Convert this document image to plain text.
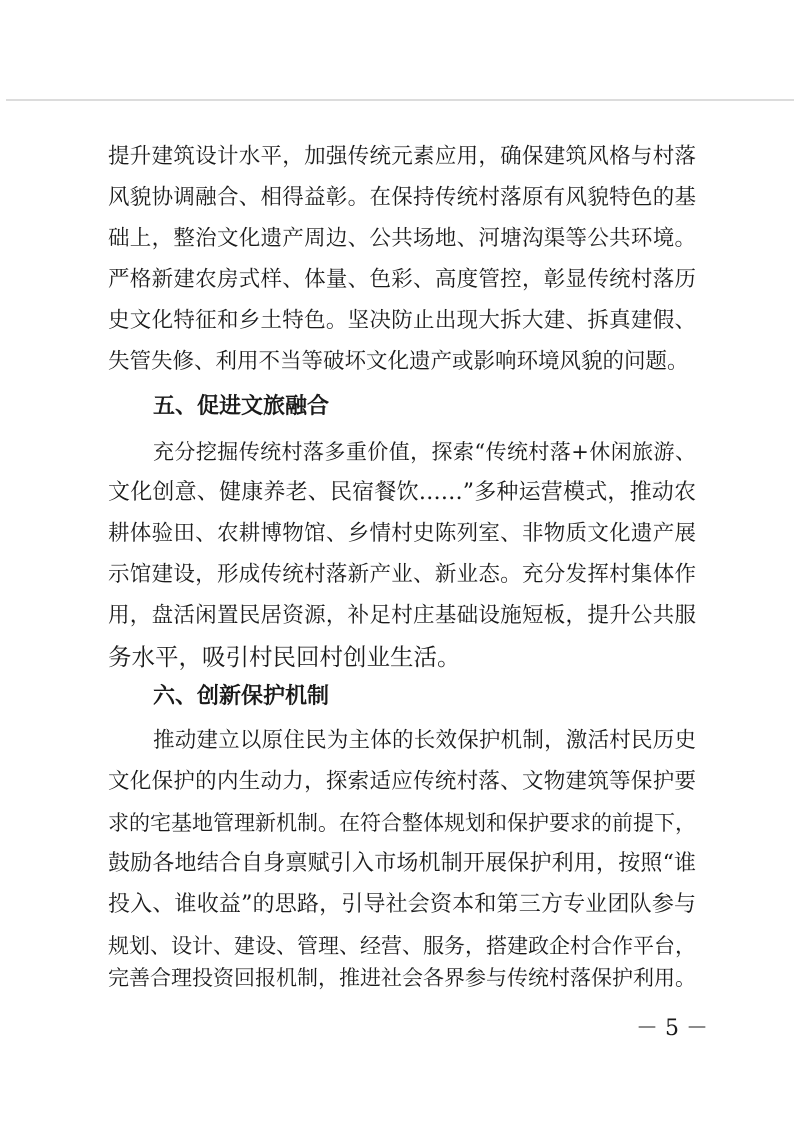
提升建筑设计水平，加强传统元素应用，确保建筑风格与村落
风貌协调融合、相得益彰。在保持传统村落原有风貌特色的基
础上，整治文化遗产周边、公共场地、河塘沟渠等公共环境。
严格新建农房式样、体量、色彩、高度管控，彰显传统村落历
史文化特征和乡土特色。坚决防止出现大拆大建、拆真建假、
失管失修、利用不当等破坏文化遗产或影响环境风貌的问题。
五、促进文旅融合
充分挖掘传统村落多重价值，探索“传统村落+休闲旅游、
文化创意、健康养老、民宿餐饮……”多种运营模式，推动农
耕体验田、农耕博物馆、乡情村史陈列室、非物质文化遗产展
示馆建设，形成传统村落新产业、新业态。充分发挥村集体作
用，盘活闲置民居资源，补足村庄基础设施短板，提升公共服
务水平，吸引村民回村创业生活。
六、创新保护机制
推动建立以原住民为主体的长效保护机制，激活村民历史
文化保护的内生动力，探索适应传统村落、文物建筑等保护要
求的宅基地管理新机制。在符合整体规划和保护要求的前提下，
鼓励各地结合自身禀赋引入市场机制开展保护利用，按照“谁
投入、谁收益”的思路，引导社会资本和第三方专业团队参与
规划、设计、建设、管理、经营、服务，搭建政企村合作平台，
完善合理投资回报机制，推进社会各界参与传统村落保护利用。
－ 5 －
